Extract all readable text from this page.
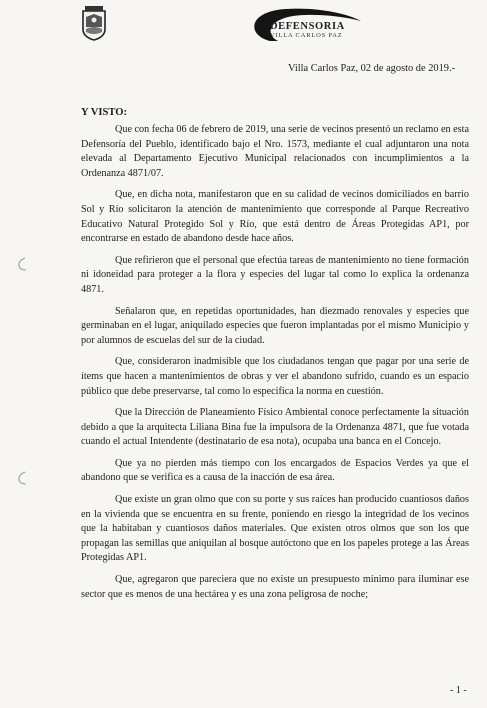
DEFENSORIA
VILLA CARLOS PAZ
Villa Carlos Paz, 02 de agosto de 2019.-
Y VISTO:

Que con fecha 06 de febrero de 2019, una serie de vecinos presentó un reclamo en esta Defensoría del Pueblo, identificado bajo el Nro. 1573, mediante el cual adjuntaron una nota elevada al Departamento Ejecutivo Municipal relacionados con incumplimientos a la Ordenanza 4871/07.

Que, en dicha nota, manifestaron que en su calidad de vecinos domiciliados en barrio Sol y Río solicitaron la atención de mantenimiento que corresponde al Parque Recreativo Educativo Natural Protegido Sol y Río, que está dentro de Áreas Protegidas AP1, por encontrarse en estado de abandono desde hace años.

Que refirieron que el personal que efectúa tareas de mantenimiento no tiene formación ni idoneidad para proteger a la flora y especies del lugar tal como lo explica la ordenanza 4871.

Señalaron que, en repetidas oportunidades, han diezmado renovales y especies que germinaban en el lugar, aniquilado especies que fueron implantadas por el mismo Municipio y por alumnos de escuelas del sur de la ciudad.

Que, consideraron inadmisible que los ciudadanos tengan que pagar por una serie de ítems que hacen a mantenimientos de obras y ver el abandono sufrido, cuando es un espacio público que debe preservarse, tal como lo especifica la norma en cuestión.

Que la Dirección de Planeamiento Físico Ambiental conoce perfectamente la situación debido a que la arquitecta Liliana Bina fue la impulsora de la Ordenanza 4871, que fue votada cuando el actual Intendente (destinatario de esa nota), ocupaba una banca en el Concejo.

Que ya no pierden más tiempo con los encargados de Espacios Verdes ya que el abandono que se verifica es a causa de la inacción de esa área.

Que existe un gran olmo que con su porte y sus raíces han producido cuantiosos daños en la vivienda que se encuentra en su frente, poniendo en riesgo la integridad de los vecinos que la habitaban y cuantiosos daños materiales. Que existen otros olmos que son los que propagan las semillas que aniquilan al bosque autóctono que en los papeles protege a las Áreas Protegidas AP1.

Que, agregaron que pareciera que no existe un presupuesto mínimo para iluminar ese sector que es menos de una hectárea y es una zona peligrosa de noche;

- 1 -
